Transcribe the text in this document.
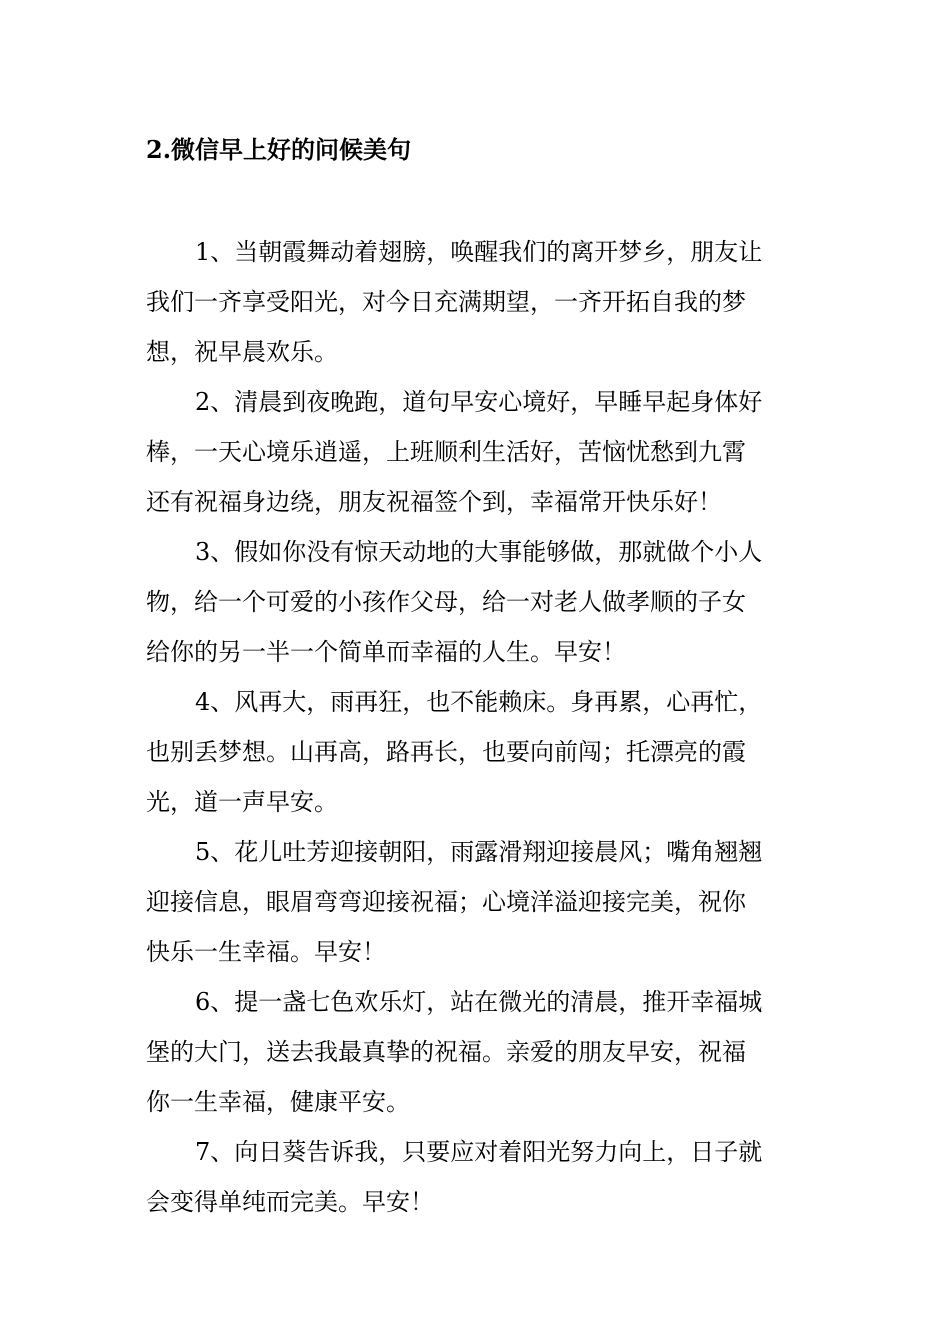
2.微信早上好的问候美句

1、当朝霞舞动着翅膀，唤醒我们的离开梦乡，朋友让
我们一齐享受阳光，对今日充满期望，一齐开拓自我的梦
想，祝早晨欢乐。

2、清晨到夜晚跑，道句早安心境好，早睡早起身体好
棒，一天心境乐逍遥，上班顺利生活好，苦恼忧愁到九霄
还有祝福身边绕，朋友祝福签个到，幸福常开快乐好！

3、假如你没有惊天动地的大事能够做，那就做个小人
物，给一个可爱的小孩作父母，给一对老人做孝顺的子女
给你的另一半一个简单而幸福的人生。早安！

4、风再大，雨再狂，也不能赖床。身再累，心再忙，
也别丢梦想。山再高，路再长，也要向前闯；托漂亮的霞
光，道一声早安。

5、花儿吐芳迎接朝阳，雨露滑翔迎接晨风；嘴角翘翘
迎接信息，眼眉弯弯迎接祝福；心境洋溢迎接完美，祝你
快乐一生幸福。早安！

6、提一盏七色欢乐灯，站在微光的清晨，推开幸福城
堡的大门，送去我最真挚的祝福。亲爱的朋友早安，祝福
你一生幸福，健康平安。

7、向日葵告诉我，只要应对着阳光努力向上，日子就
会变得单纯而完美。早安！
